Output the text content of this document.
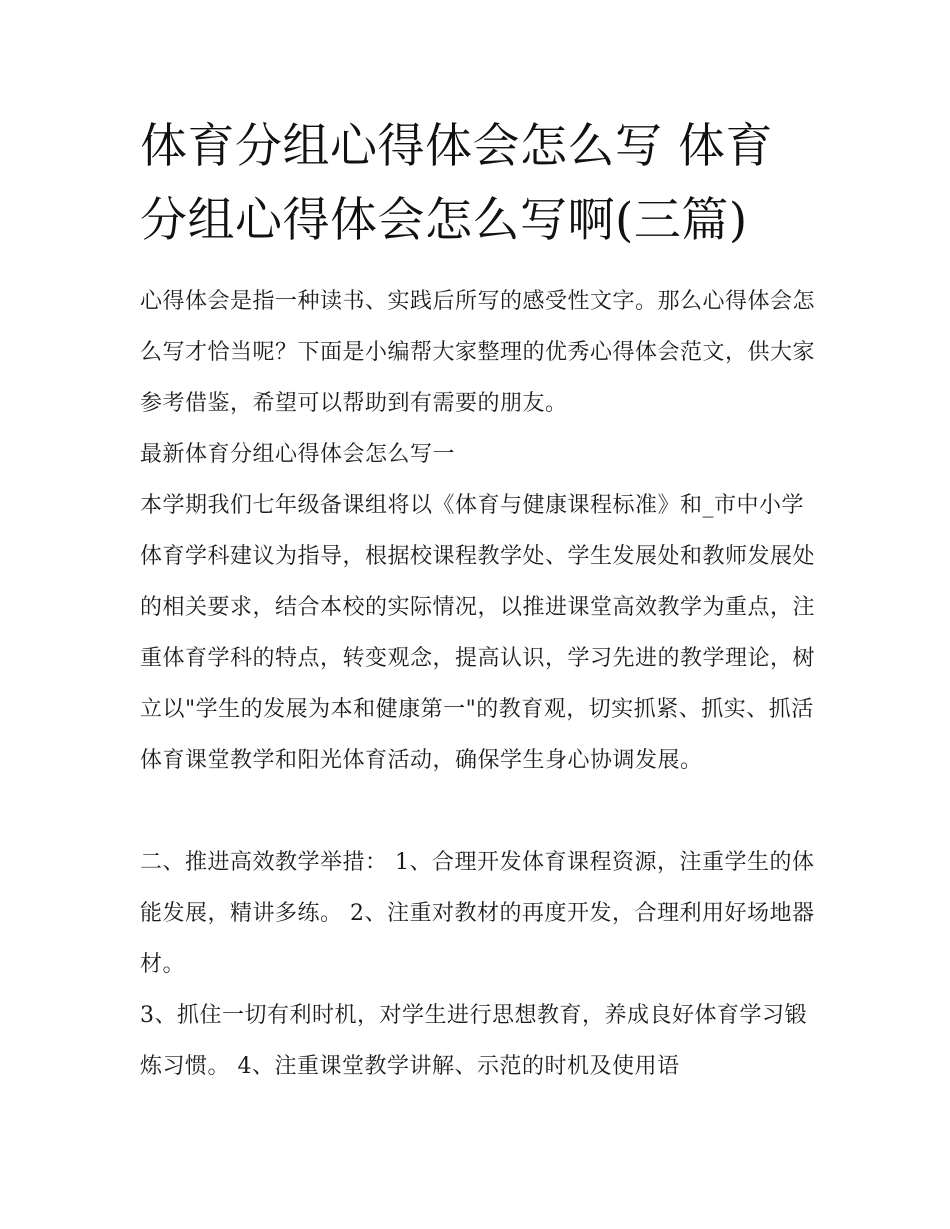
体育分组心得体会怎么写 体育分组心得体会怎么写啊(三篇)

心得体会是指一种读书、实践后所写的感受性文字。那么心得体会怎么写才恰当呢？下面是小编帮大家整理的优秀心得体会范文，供大家参考借鉴，希望可以帮助到有需要的朋友。

最新体育分组心得体会怎么写一

本学期我们七年级备课组将以《体育与健康课程标准》和_市中小学体育学科建议为指导，根据校课程教学处、学生发展处和教师发展处的相关要求，结合本校的实际情况，以推进课堂高效教学为重点，注重体育学科的特点，转变观念，提高认识，学习先进的教学理论，树立以"学生的发展为本和健康第一"的教育观，切实抓紧、抓实、抓活体育课堂教学和阳光体育活动，确保学生身心协调发展。

二、推进高效教学举措： 1、合理开发体育课程资源，注重学生的体能发展，精讲多练。 2、注重对教材的再度开发，合理利用好场地器材。

3、抓住一切有利时机，对学生进行思想教育，养成良好体育学习锻炼习惯。 4、注重课堂教学讲解、示范的时机及使用语
